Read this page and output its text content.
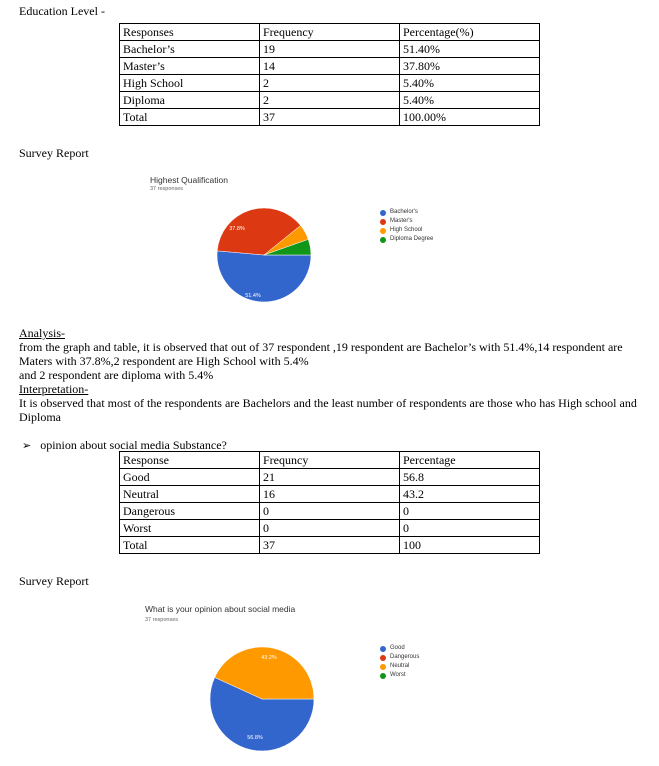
Education Level -
Responses	Frequency	Percentage(%)
Bachelor’s	19	51.40%
Master’s	14	37.80%
High School	2	5.40%
Diploma	2	5.40%
Total	37	100.00%
Survey Report
Highest Qualification
37 responses
51.4%
37.8%
Bachelor's
Master's
High School
Diploma Degree
Analysis-
from the graph and table, it is observed that out of 37 respondent ,19 respondent are Bachelor’s with 51.4%,14 respondent are
Maters with 37.8%,2 respondent are High School with 5.4%
and 2 respondent are diploma with 5.4%
Interpretation-
It is observed that most of the respondents are Bachelors and the least number of respondents are those who has High school and
Diploma
➢ opinion about social media Substance?
Response	Frequncy	Percentage
Good	21	56.8
Neutral	16	43.2
Dangerous	0	0
Worst	0	0
Total	37	100
Survey Report
What is your opinion about social media
37 responses
56.8%
43.2%
Good
Dangerous
Neutral
Worst
